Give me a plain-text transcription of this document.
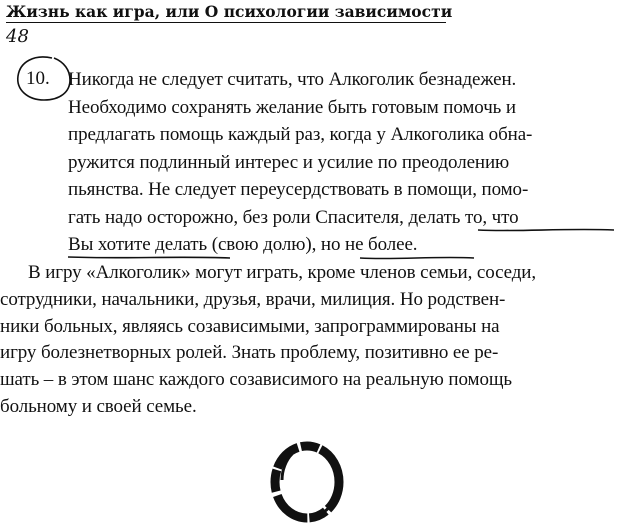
Жизнь как игра, или О психологии зависимости
48
10. Никогда не следует считать, что Алкоголик безнадежен.
Необходимо сохранять желание быть готовым помочь и
предлагать помощь каждый раз, когда у Алкоголика обна-
ружится подлинный интерес и усилие по преодолению
пьянства. Не следует переусердствовать в помощи, помо-
гать надо осторожно, без роли Спасителя, делать то, что
Вы хотите делать (свою долю), но не более.
В игру «Алкоголик» могут играть, кроме членов семьи, соседи,
сотрудники, начальники, друзья, врачи, милиция. Но родствен-
ники больных, являясь созависимыми, запрограммированы на
игру болезнетворных ролей. Знать проблему, позитивно ее ре-
шать – в этом шанс каждого созависимого на реальную помощь
больному и своей семье.
